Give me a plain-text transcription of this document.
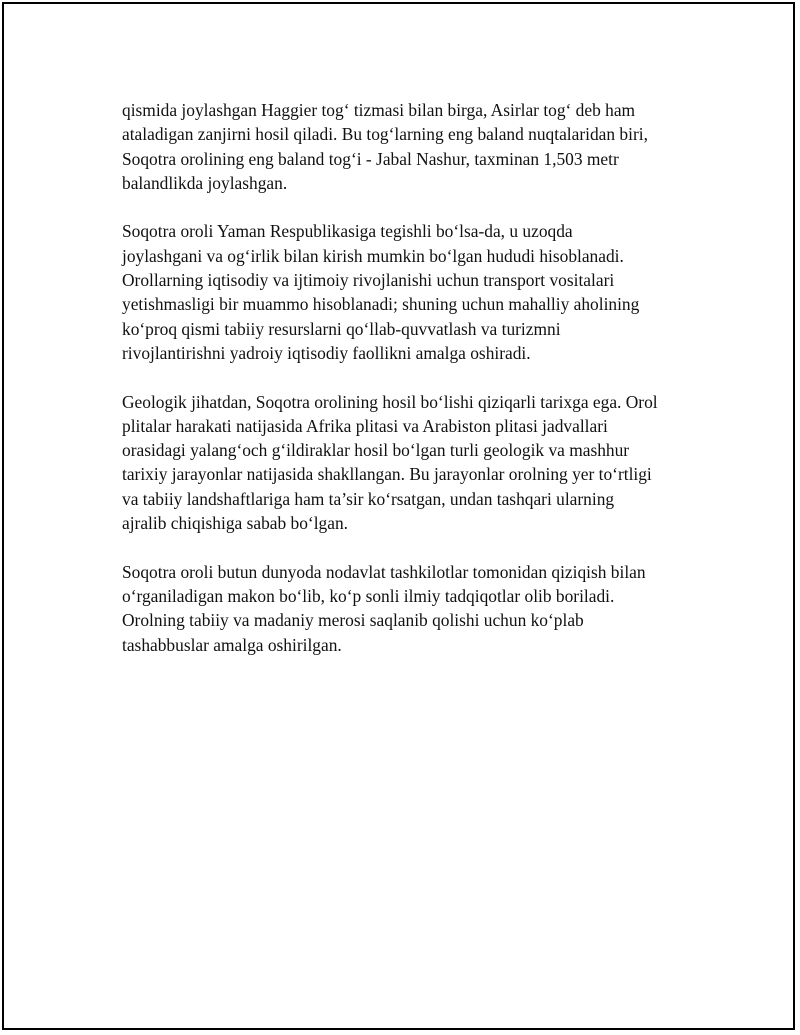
qismida joylashgan Haggier tog‘ tizmasi bilan birga, Asirlar tog‘ deb ham
ataladigan zanjirni hosil qiladi. Bu tog‘larning eng baland nuqtalaridan biri,
Soqotra orolining eng baland tog‘i - Jabal Nashur, taxminan 1,503 metr
balandlikda joylashgan.

Soqotra oroli Yaman Respublikasiga tegishli bo‘lsa-da, u uzoqda
joylashgani va og‘irlik bilan kirish mumkin bo‘lgan hududi hisoblanadi.
Orollarning iqtisodiy va ijtimoiy rivojlanishi uchun transport vositalari
yetishmasligi bir muammo hisoblanadi; shuning uchun mahalliy aholining
ko‘proq qismi tabiiy resurslarni qo‘llab-quvvatlash va turizmni
rivojlantirishni yadroiy iqtisodiy faollikni amalga oshiradi.

Geologik jihatdan, Soqotra orolining hosil bo‘lishi qiziqarli tarixga ega. Orol
plitalar harakati natijasida Afrika plitasi va Arabiston plitasi jadvallari
orasidagi yalang‘och g‘ildiraklar hosil bo‘lgan turli geologik va mashhur
tarixiy jarayonlar natijasida shakllangan. Bu jarayonlar orolning yer to‘rtligi
va tabiiy landshaftlariga ham ta’sir ko‘rsatgan, undan tashqari ularning
ajralib chiqishiga sabab bo‘lgan.

Soqotra oroli butun dunyoda nodavlat tashkilotlar tomonidan qiziqish bilan
o‘rganiladigan makon bo‘lib, ko‘p sonli ilmiy tadqiqotlar olib boriladi.
Orolning tabiiy va madaniy merosi saqlanib qolishi uchun ko‘plab
tashabbuslar amalga oshirilgan.
